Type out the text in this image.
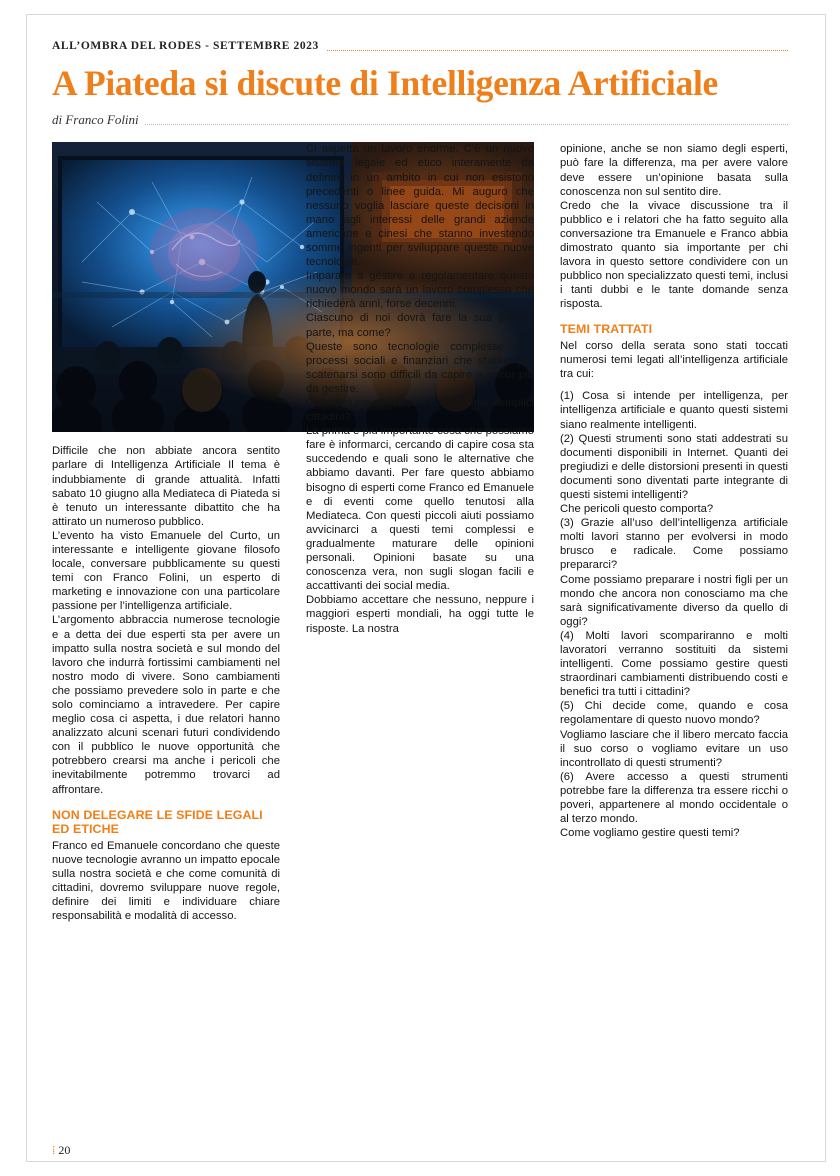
ALL’OMBRA DEL RODES - SETTEMBRE 2023
A Piateda si discute di Intelligenza Artificiale
di Franco Folini

Difficile che non abbiate ancora sentito parlare di Intelligenza Artificiale Il tema è indubbiamente di grande attualità. Infatti sabato 10 giugno alla Mediateca di Piateda si è tenuto un interessante dibattito che ha attirato un numeroso pubblico.

L’evento ha visto Emanuele del Curto, un interessante e intelligente giovane filosofo locale, conversare pubblicamente su questi temi con Franco Folini, un esperto di marketing e innovazione con una particolare passione per l’intelligenza artificiale.

L’argomento abbraccia numerose tecnologie e a detta dei due esperti sta per avere un impatto sulla nostra società e sul mondo del lavoro che indurrà fortissimi cambiamenti nel nostro modo di vivere. Sono cambiamenti che possiamo prevedere solo in parte e che solo cominciamo a intravedere. Per capire meglio cosa ci aspetta, i due relatori hanno analizzato alcuni scenari futuri condividendo con il pubblico le nuove opportunità che potrebbero crearsi ma anche i pericoli che inevitabilmente potremmo trovarci ad affrontare.

NON DELEGARE LE SFIDE LEGALI ED ETICHE

Franco ed Emanuele concordano che queste nuove tecnologie avranno un impatto epocale sulla nostra società e che come comunità di cittadini, dovremo sviluppare nuove regole, definire dei limiti e individuare chiare responsabilità e modalità di accesso.

Ci aspetta un lavoro enorme. C’è un nuovo sistema legale ed etico interamente da definire in un ambito in cui non esistono precedenti o linee guida. Mi auguro che nessuno voglia lasciare queste decisioni in mano agli interessi delle grandi aziende americane e cinesi che stanno investendo somme ingenti per sviluppare queste nuove tecnologie.

Imparare a gestire e regolamentare questo nuovo mondo sarà un lavoro complesso che richiederà anni, forse decenni.

Ciascuno di noi dovrà fare la sua piccola parte, ma come?

Queste sono tecnologie complesse e i processi sociali e finanziari che stanno per scatenarsi sono difficili da capire e ancor più da gestire.

Qual è dunque il nostro ruolo, come semplici cittadini?

La prima e più importante cosa che possiamo fare è informarci, cercando di capire cosa sta succedendo e quali sono le alternative che abbiamo davanti. Per fare questo abbiamo bisogno di esperti come Franco ed Emanuele e di eventi come quello tenutosi alla Mediateca. Con questi piccoli aiuti possiamo avvicinarci a questi temi complessi e gradualmente maturare delle opinioni personali. Opinioni basate su una conoscenza vera, non sugli slogan facili e accattivanti dei social media.

Dobbiamo accettare che nessuno, neppure i maggiori esperti mondiali, ha oggi tutte le risposte. La nostra

opinione, anche se non siamo degli esperti, può fare la differenza, ma per avere valore deve essere un’opinione basata sulla conoscenza non sul sentito dire.

Credo che la vivace discussione tra il pubblico e i relatori che ha fatto seguito alla conversazione tra Emanuele e Franco abbia dimostrato quanto sia importante per chi lavora in questo settore condividere con un pubblico non specializzato questi temi, inclusi i tanti dubbi e le tante domande senza risposta.

TEMI TRATTATI

Nel corso della serata sono stati toccati numerosi temi legati all’intelligenza artificiale tra cui:

(1) Cosa si intende per intelligenza, per intelligenza artificiale e quanto questi sistemi siano realmente intelligenti.

(2) Questi strumenti sono stati addestrati su documenti disponibili in Internet. Quanti dei pregiudizi e delle distorsioni presenti in questi documenti sono diventati parte integrante di questi sistemi intelligenti?

Che pericoli questo comporta?

(3) Grazie all’uso dell’intelligenza artificiale molti lavori stanno per evolversi in modo brusco e radicale. Come possiamo prepararci?

Come possiamo preparare i nostri figli per un mondo che ancora non conosciamo ma che sarà significativamente diverso da quello di oggi?

(4) Molti lavori scompariranno e molti lavoratori verranno sostituiti da sistemi intelligenti. Come possiamo gestire questi straordinari cambiamenti distribuendo costi e benefici tra tutti i cittadini?

(5) Chi decide come, quando e cosa regolamentare di questo nuovo mondo?

Vogliamo lasciare che il libero mercato faccia il suo corso o vogliamo evitare un uso incontrollato di questi strumenti?

(6) Avere accesso a questi strumenti potrebbe fare la differenza tra essere ricchi o poveri, appartenere al mondo occidentale o al terzo mondo.

Come vogliamo gestire questi temi?

⁞ 20
